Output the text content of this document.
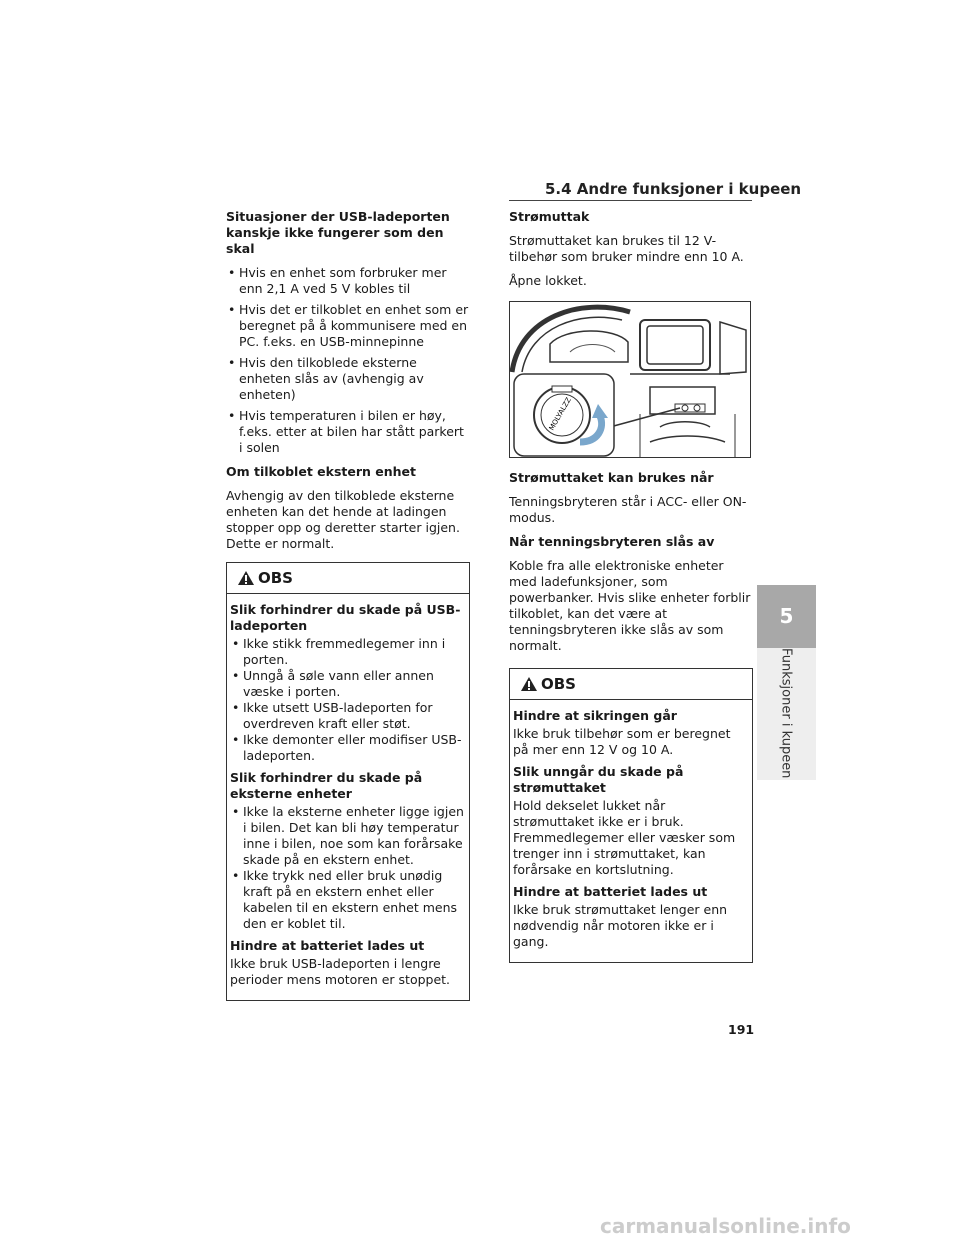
5.4 Andre funksjoner i kupeen
Situasjoner der USB-ladeporten kanskje ikke fungerer som den skal
• Hvis en enhet som forbruker mer enn 2,1 A ved 5 V kobles til
• Hvis det er tilkoblet en enhet som er beregnet på å kommunisere med en PC. f.eks. en USB-minnepinne
• Hvis den tilkoblede eksterne enheten slås av (avhengig av enheten)
• Hvis temperaturen i bilen er høy, f.eks. etter at bilen har stått parkert i solen
Om tilkoblet ekstern enhet
Avhengig av den tilkoblede eksterne enheten kan det hende at ladingen stopper opp og deretter starter igjen. Dette er normalt.
OBS
Slik forhindrer du skade på USB-ladeporten
• Ikke stikk fremmedlegemer inn i porten.
• Unngå å søle vann eller annen væske i porten.
• Ikke utsett USB-ladeporten for overdreven kraft eller støt.
• Ikke demonter eller modifiser USB-ladeporten.
Slik forhindrer du skade på eksterne enheter
• Ikke la eksterne enheter ligge igjen i bilen. Det kan bli høy temperatur inne i bilen, noe som kan forårsake skade på en ekstern enhet.
• Ikke trykk ned eller bruk unødig kraft på en ekstern enhet eller kabelen til en ekstern enhet mens den er koblet til.
Hindre at batteriet lades ut
Ikke bruk USB-ladeporten i lengre perioder mens motoren er stoppet.
Strømuttak
Strømuttaket kan brukes til 12 V-tilbehør som bruker mindre enn 10 A.
Åpne lokket.
MOLYALZZ
Strømuttaket kan brukes når
Tenningsbryteren står i ACC- eller ON-modus.
Når tenningsbryteren slås av
Koble fra alle elektroniske enheter med ladefunksjoner, som powerbanker. Hvis slike enheter forblir tilkoblet, kan det være at tenningsbryteren ikke slås av som normalt.
OBS
Hindre at sikringen går
Ikke bruk tilbehør som er beregnet på mer enn 12 V og 10 A.
Slik unngår du skade på strømuttaket
Hold dekselet lukket når strømuttaket ikke er i bruk. Fremmedlegemer eller væsker som trenger inn i strømuttaket, kan forårsake en kortslutning.
Hindre at batteriet lades ut
Ikke bruk strømuttaket lenger enn nødvendig når motoren ikke er i gang.
5
Funksjoner i kupeen
191
carmanualsonline.info
